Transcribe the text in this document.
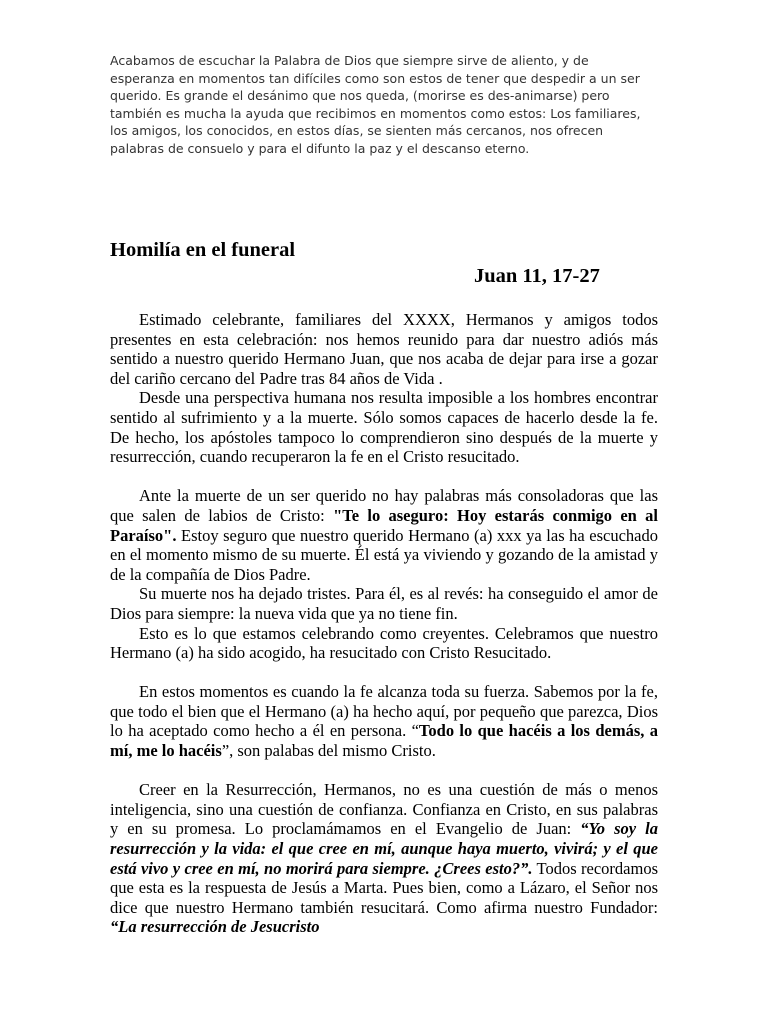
Acabamos de escuchar la Palabra de Dios que siempre sirve de aliento, y de esperanza en momentos tan difíciles como son estos de tener que despedir a un ser querido. Es grande el desánimo que nos queda, (morirse es des-animarse) pero también es mucha la ayuda que recibimos en momentos como estos: Los familiares, los amigos, los conocidos, en estos días, se sienten más cercanos, nos ofrecen palabras de consuelo y para el difunto la paz y el descanso eterno.

Homilía en el funeral
Juan 11, 17-27

Estimado celebrante, familiares del XXXX, Hermanos y amigos todos presentes en esta celebración: nos hemos reunido para dar nuestro adiós más sentido a nuestro querido Hermano Juan, que nos acaba de dejar para irse a gozar del cariño cercano del Padre tras 84 años de Vida .

Desde una perspectiva humana nos resulta imposible a los hombres encontrar sentido al sufrimiento y a la muerte. Sólo somos capaces de hacerlo desde la fe. De hecho, los apóstoles tampoco lo comprendieron sino después de la muerte y resurrección, cuando recuperaron la fe en el Cristo resucitado.

Ante la muerte de un ser querido no hay palabras más consoladoras que las que salen de labios de Cristo: "Te lo aseguro: Hoy estarás conmigo en al Paraíso". Estoy seguro que nuestro querido Hermano (a) xxx ya las ha escuchado en el momento mismo de su muerte. Él está ya viviendo y gozando de la amistad y de la compañía de Dios Padre.

Su muerte nos ha dejado tristes. Para él, es al revés: ha conseguido el amor de Dios para siempre: la nueva vida que ya no tiene fin.

Esto es lo que estamos celebrando como creyentes. Celebramos que nuestro Hermano (a) ha sido acogido, ha resucitado con Cristo Resucitado.

En estos momentos es cuando la fe alcanza toda su fuerza. Sabemos por la fe, que todo el bien que el Hermano (a) ha hecho aquí, por pequeño que parezca, Dios lo ha aceptado como hecho a él en persona. “Todo lo que hacéis a los demás, a mí, me lo hacéis”, son palabas del mismo Cristo.

Creer en la Resurrección, Hermanos, no es una cuestión de más o menos inteligencia, sino una cuestión de confianza. Confianza en Cristo, en sus palabras y en su promesa. Lo proclamámamos en el Evangelio de Juan: “Yo soy la resurrección y la vida: el que cree en mí, aunque haya muerto, vivirá; y el que está vivo y cree en mí, no morirá para siempre. ¿Crees esto?”. Todos recordamos que esta es la respuesta de Jesús a Marta. Pues bien, como a Lázaro, el Señor nos dice que nuestro Hermano también resucitará. Como afirma nuestro Fundador: “La resurrección de Jesucristo
